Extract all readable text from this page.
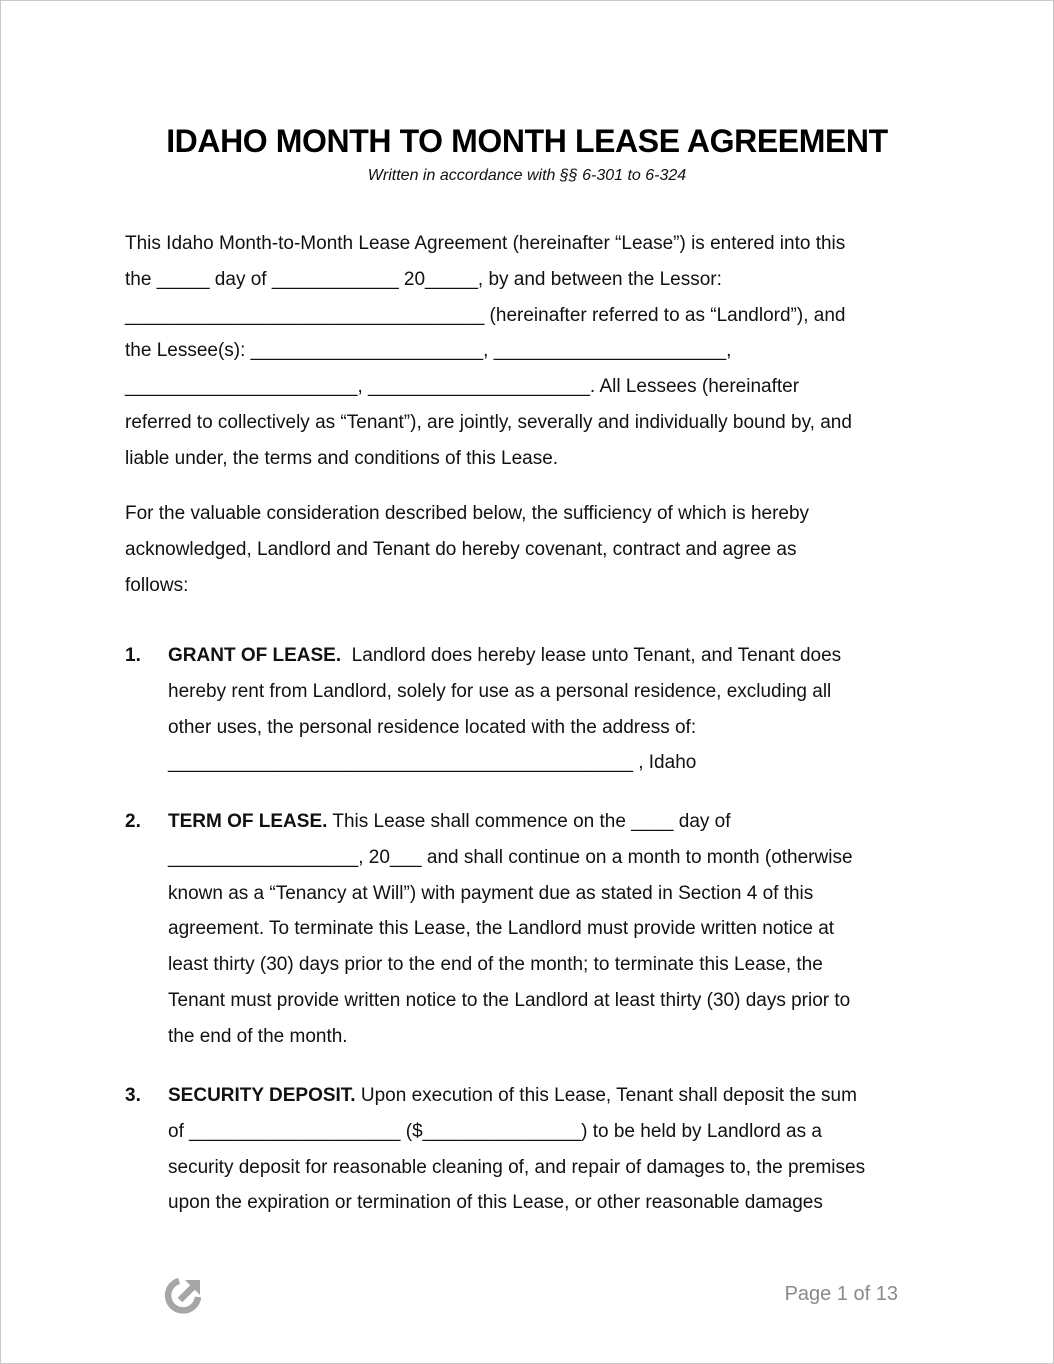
IDAHO MONTH TO MONTH LEASE AGREEMENT
Written in accordance with §§ 6-301 to 6-324
This Idaho Month-to-Month Lease Agreement (hereinafter “Lease”) is entered into this
the _____ day of ____________ 20_____, by and between the Lessor:
__________________________________ (hereinafter referred to as “Landlord”), and
the Lessee(s): ______________________, ______________________,
______________________, _____________________. All Lessees (hereinafter
referred to collectively as “Tenant”), are jointly, severally and individually bound by, and
liable under, the terms and conditions of this Lease.
For the valuable consideration described below, the sufficiency of which is hereby
acknowledged, Landlord and Tenant do hereby covenant, contract and agree as
follows:
1. GRANT OF LEASE.  Landlord does hereby lease unto Tenant, and Tenant does
hereby rent from Landlord, solely for use as a personal residence, excluding all
other uses, the personal residence located with the address of:
____________________________________________ , Idaho
2. TERM OF LEASE. This Lease shall commence on the ____ day of
__________________, 20___ and shall continue on a month to month (otherwise
known as a “Tenancy at Will”) with payment due as stated in Section 4 of this
agreement. To terminate this Lease, the Landlord must provide written notice at
least thirty (30) days prior to the end of the month; to terminate this Lease, the
Tenant must provide written notice to the Landlord at least thirty (30) days prior to
the end of the month.
3. SECURITY DEPOSIT. Upon execution of this Lease, Tenant shall deposit the sum
of ____________________ ($_______________) to be held by Landlord as a
security deposit for reasonable cleaning of, and repair of damages to, the premises
upon the expiration or termination of this Lease, or other reasonable damages
Page 1 of 13
